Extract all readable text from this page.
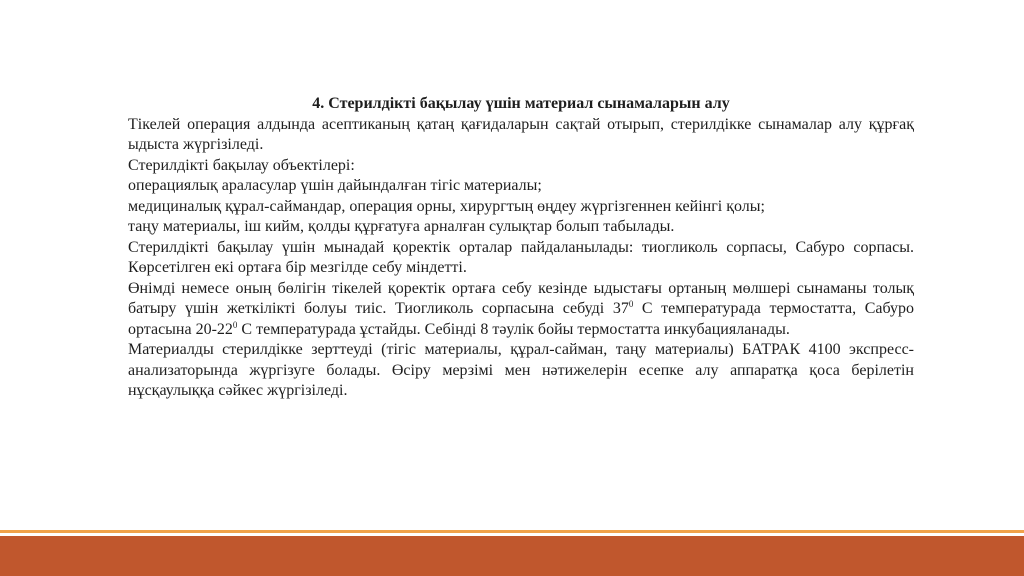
4. Стерилдікті бақылау үшін материал сынамаларын алу

Тікелей операция алдында асептиканың қатаң қағидаларын сақтай отырып, стерилдікке сынамалар алу құрғақ ыдыста жүргізіледі.

Стерилдікті бақылау объектілері:

операциялық араласулар үшін дайындалған тігіс материалы;

медициналық құрал-саймандар, операция орны, хирургтың өңдеу жүргізгеннен кейінгі қолы;

таңу материалы, іш кийм, қолды құрғатуға арналған сулықтар болып табылады.

Стерилдікті бақылау үшін мынадай қоректік орталар пайдаланылады: тиогликоль сорпасы, Сабуро сорпасы. Көрсетілген екі ортаға бір мезгілде себу міндетті.

Өнімді немесе оның бөлігін тікелей қоректік ортаға себу кезінде ыдыстағы ортаның мөлшері сынаманы толық батыру үшін жеткілікті болуы тиіс. Тиогликоль сорпасына себуді $37^0$ С температурада термостатта, Сабуро ортасына $20-22^0$ С температурада ұстайды. Себінді 8 тәулік бойы термостатта инкубацияланады.

Материалды стерилдікке зерттеуді (тігіс материалы, құрал-сайман, таңу материалы) БАТРАК 4100 экспресс-анализаторында жүргізуге болады. Өсіру мерзімі мен нәтижелерін есепке алу аппаратқа қоса берілетін нұсқаулыққа сәйкес жүргізіледі.
